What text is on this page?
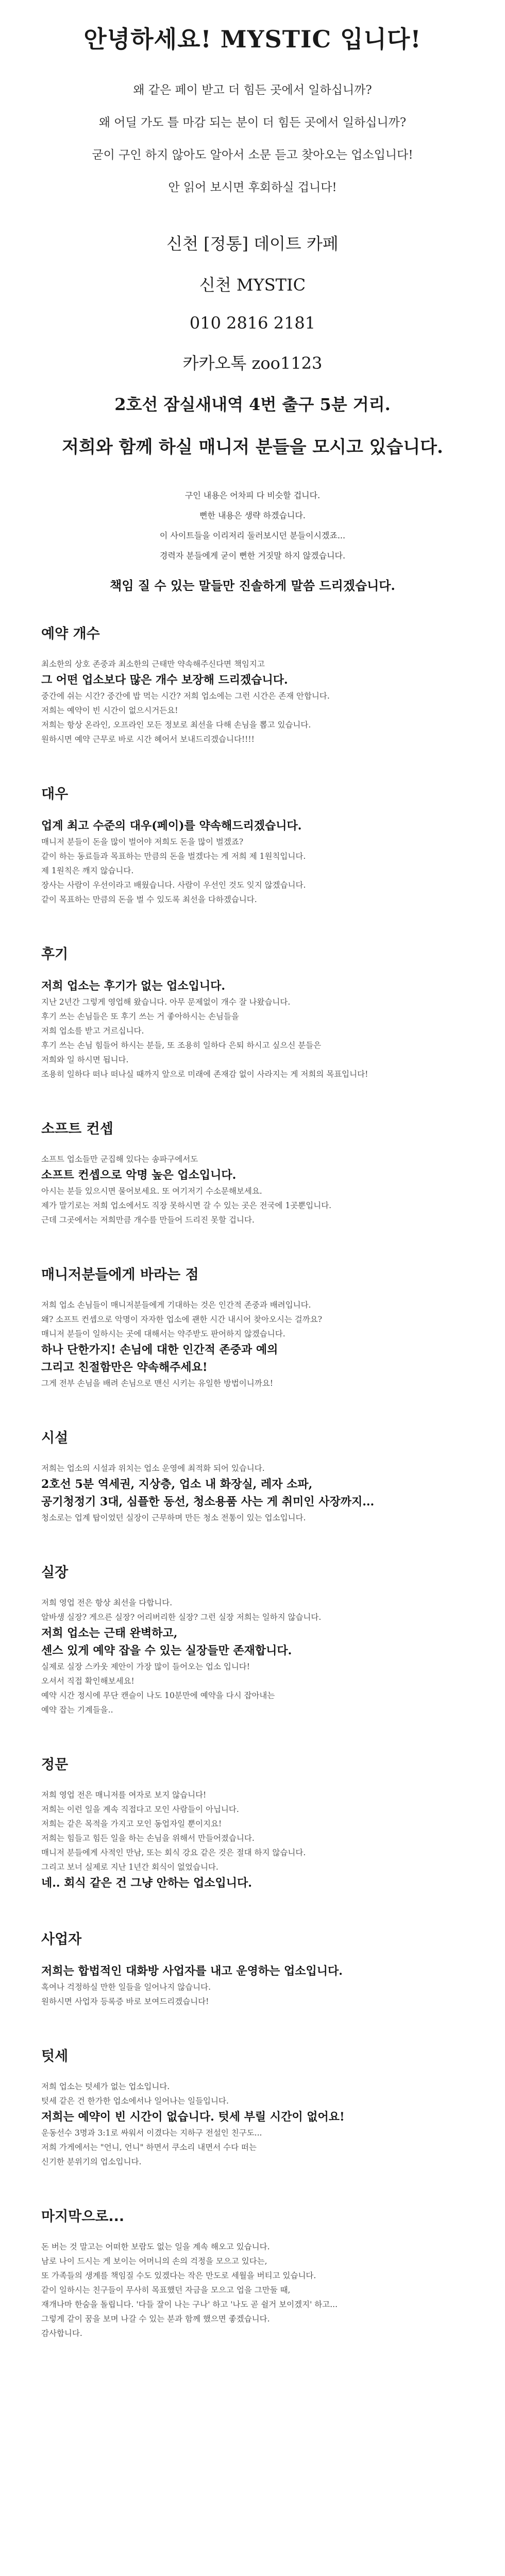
안녕하세요! MYSTIC 입니다!

왜 같은 페이 받고 더 힘든 곳에서 일하십니까?

왜 어딜 가도 틀 마감 되는 분이 더 힘든 곳에서 일하십니까?

굳이 구인 하지 않아도 알아서 소문 듣고 찾아오는 업소입니다!

안 읽어 보시면 후회하실 겁니다!

신천 [정통] 데이트 카페

신천 MYSTIC

010 2816 2181

카카오톡 zoo1123

2호선 잠실새내역 4번 출구 5분 거리.

저희와 함께 하실 매니저 분들을 모시고 있습니다.

구인 내용은 어차피 다 비슷할 겁니다.

뻔한 내용은 생략 하겠습니다.

이 사이트들을 이리저리 둘러보시던 분들이시겠죠...

경력자 분들에게 굳이 뻔한 거짓말 하지 않겠습니다.

책임 질 수 있는 말들만 진솔하게 말씀 드리겠습니다.

예약 개수
최소한의 상호 존중과 최소한의 근태만 약속해주신다면 책임지고
그 어떤 업소보다 많은 개수 보장해 드리겠습니다.
중간에 쉬는 시간? 중간에 밥 먹는 시간? 저희 업소에는 그런 시간은 존재 안합니다.
저희는 예약이 빈 시간이 없으시거든요!
저희는 항상 온라인, 오프라인 모든 정보로 최선을 다해 손님을 뽑고 있습니다.
원하시면 예약 근무로 바로 시간 혜어서 보내드리겠습니다!!!!
대우
업계 최고 수준의 대우(페이)를 약속해드리겠습니다.
매니저 분들이 돈을 많이 벌어야 저희도 돈을 많이 벌겠죠?
같이 하는 동료들과 목표하는 만큼의 돈을 벌겠다는 게 저희 제 1원칙입니다.
제 1원칙은 깨지 않습니다.
장사는 사람이 우선이라고 배웠습니다. 사람이 우선인 것도 잊지 않겠습니다.
같이 목표하는 만큼의 돈을 벌 수 있도록 최선을 다하겠습니다.
후기
저희 업소는 후기가 없는 업소입니다.
지난 2년간 그렇게 영업해 왔습니다. 아무 문제없이 개수 잘 나왔습니다.
후기 쓰는 손님들은 또 후기 쓰는 거 좋아하시는 손님들을
저희 업소를 받고 거르십니다.
후기 쓰는 손님 힘들어 하시는 분들, 또 조용히 일하다 은퇴 하시고 싶으신 분들은
저희와 일 하시면 됩니다.
조용히 일하다 떠나 떠나실 때까지 앞으로 미래에 존재감 없이 사라지는 게 저희의 목표입니다!
소프트 컨셉
소프트 업소들만 군집해 있다는 송파구에서도
소프트 컨셉으로 악명 높은 업소입니다.
아시는 분들 있으시면 물어보세요. 또 여기저기 수소문해보세요.
제가 말기로는 저희 업소에서도 직장 못하시면 갈 수 있는 곳은 전국에 1곳뿐입니다.
근데 그곳에서는 저희만큼 개수를 만들어 드리진 못할 겁니다.
매니저분들에게 바라는 점
저희 업소 손님들이 매니저분들에게 기대하는 것은 인간적 존중과 배려입니다.
왜? 소프트 컨셉으로 악명이 자자한 업소에 괜한 시간 내시어 찾아오시는 걸까요?
매니저 분들이 일하시는 곳에 대해서는 약주받도 판어하지 않겠습니다.
하나 단한가지! 손님에 대한 인간적 존중과 예의
그리고 친절함만은 약속해주세요!
그게 전부 손님을 배려 손님으로 맨신 시키는 유일한 방법이니까요!
시설
저희는 업소의 시설과 위치는 업소 운영에 최적화 되어 있습니다.
2호선 5분 역세권, 지상층, 업소 내 화장실, 레자 소파,
공기청정기 3대, 심플한 동선, 청소용품 사는 게 취미인 사장까지...
청소로는 업계 탑이었던 실장이 근무하며 만든 청소 전통이 있는 업소입니다.
실장
저희 영업 전은 항상 최선을 다합니다.
알바생 실장? 게으른 실장? 어리버리한 실장? 그런 실장 저희는 일하지 않습니다.
저희 업소는 근태 완벽하고,
센스 있게 예약 잡을 수 있는 실장들만 존재합니다.
실제로 실장 스카웃 제안이 가장 많이 들어오는 업소 입니다!
오셔서 직접 확인해보세요!
예약 시간 정시에 무단 캔슬이 나도 10분만에 예약을 다시 잡아내는
예약 잡는 기계들을..
정문
저희 영업 전은 매니저를 여자로 보지 않습니다!
저희는 이런 일을 계속 직접다고 모인 사람들이 아닙니다.
저희는 같은 목적을 가지고 모인 동업자일 뿐이지요!
저희는 힘들고 힘든 일을 하는 손님을 위해서 만들어졌습니다.
매니저 분들에게 사적인 만남, 또는 회식 강요 같은 것은 절대 하지 않습니다.
그리고 보너 실제로 지난 1년간 회식이 없었습니다.
네.. 회식 같은 건 그냥 안하는 업소입니다.
사업자
저희는 합법적인 대화방 사업자를 내고 운영하는 업소입니다.
혹여나 걱정하실 만한 일들을 일어나지 않습니다.
원하시면 사업자 등록증 바로 보여드리겠습니다!
텃세
저희 업소는 텃세가 없는 업소입니다.
텃세 같은 건 한가한 업소에서나 일어나는 일들입니다.
저희는 예약이 빈 시간이 없습니다. 텃세 부릴 시간이 없어요!
운동선수 3명과 3:1로 싸워서 이겼다는 지하구 전설인 친구도...
저희 가게에서는 "언니, 언니" 하면서 쿠소리 내면서 수다 떠는
신기한 분위기의 업소입니다.
마지막으로...
돈 버는 것 말고는 어떠한 보람도 없는 일을 계속 해오고 있습니다.
남로 나이 드시는 게 보이는 어머니의 손의 걱정을 모으고 있다는,
또 가족들의 생계를 책임질 수도 있겠다는 작은 만도로 세월을 버티고 있습니다.
같이 일하시는 친구들이 무사히 목표했던 자금을 모으고 업을 그만둘 때,
재개나마 한숨을 돌립니다. '다들 잘이 나는 구나' 하고 '나도 곧 쉴거 보이겠지' 하고...
그렇게 같이 꿈을 보며 나갈 수 있는 분과 함께 했으면 좋겠습니다.
감사합니다.
